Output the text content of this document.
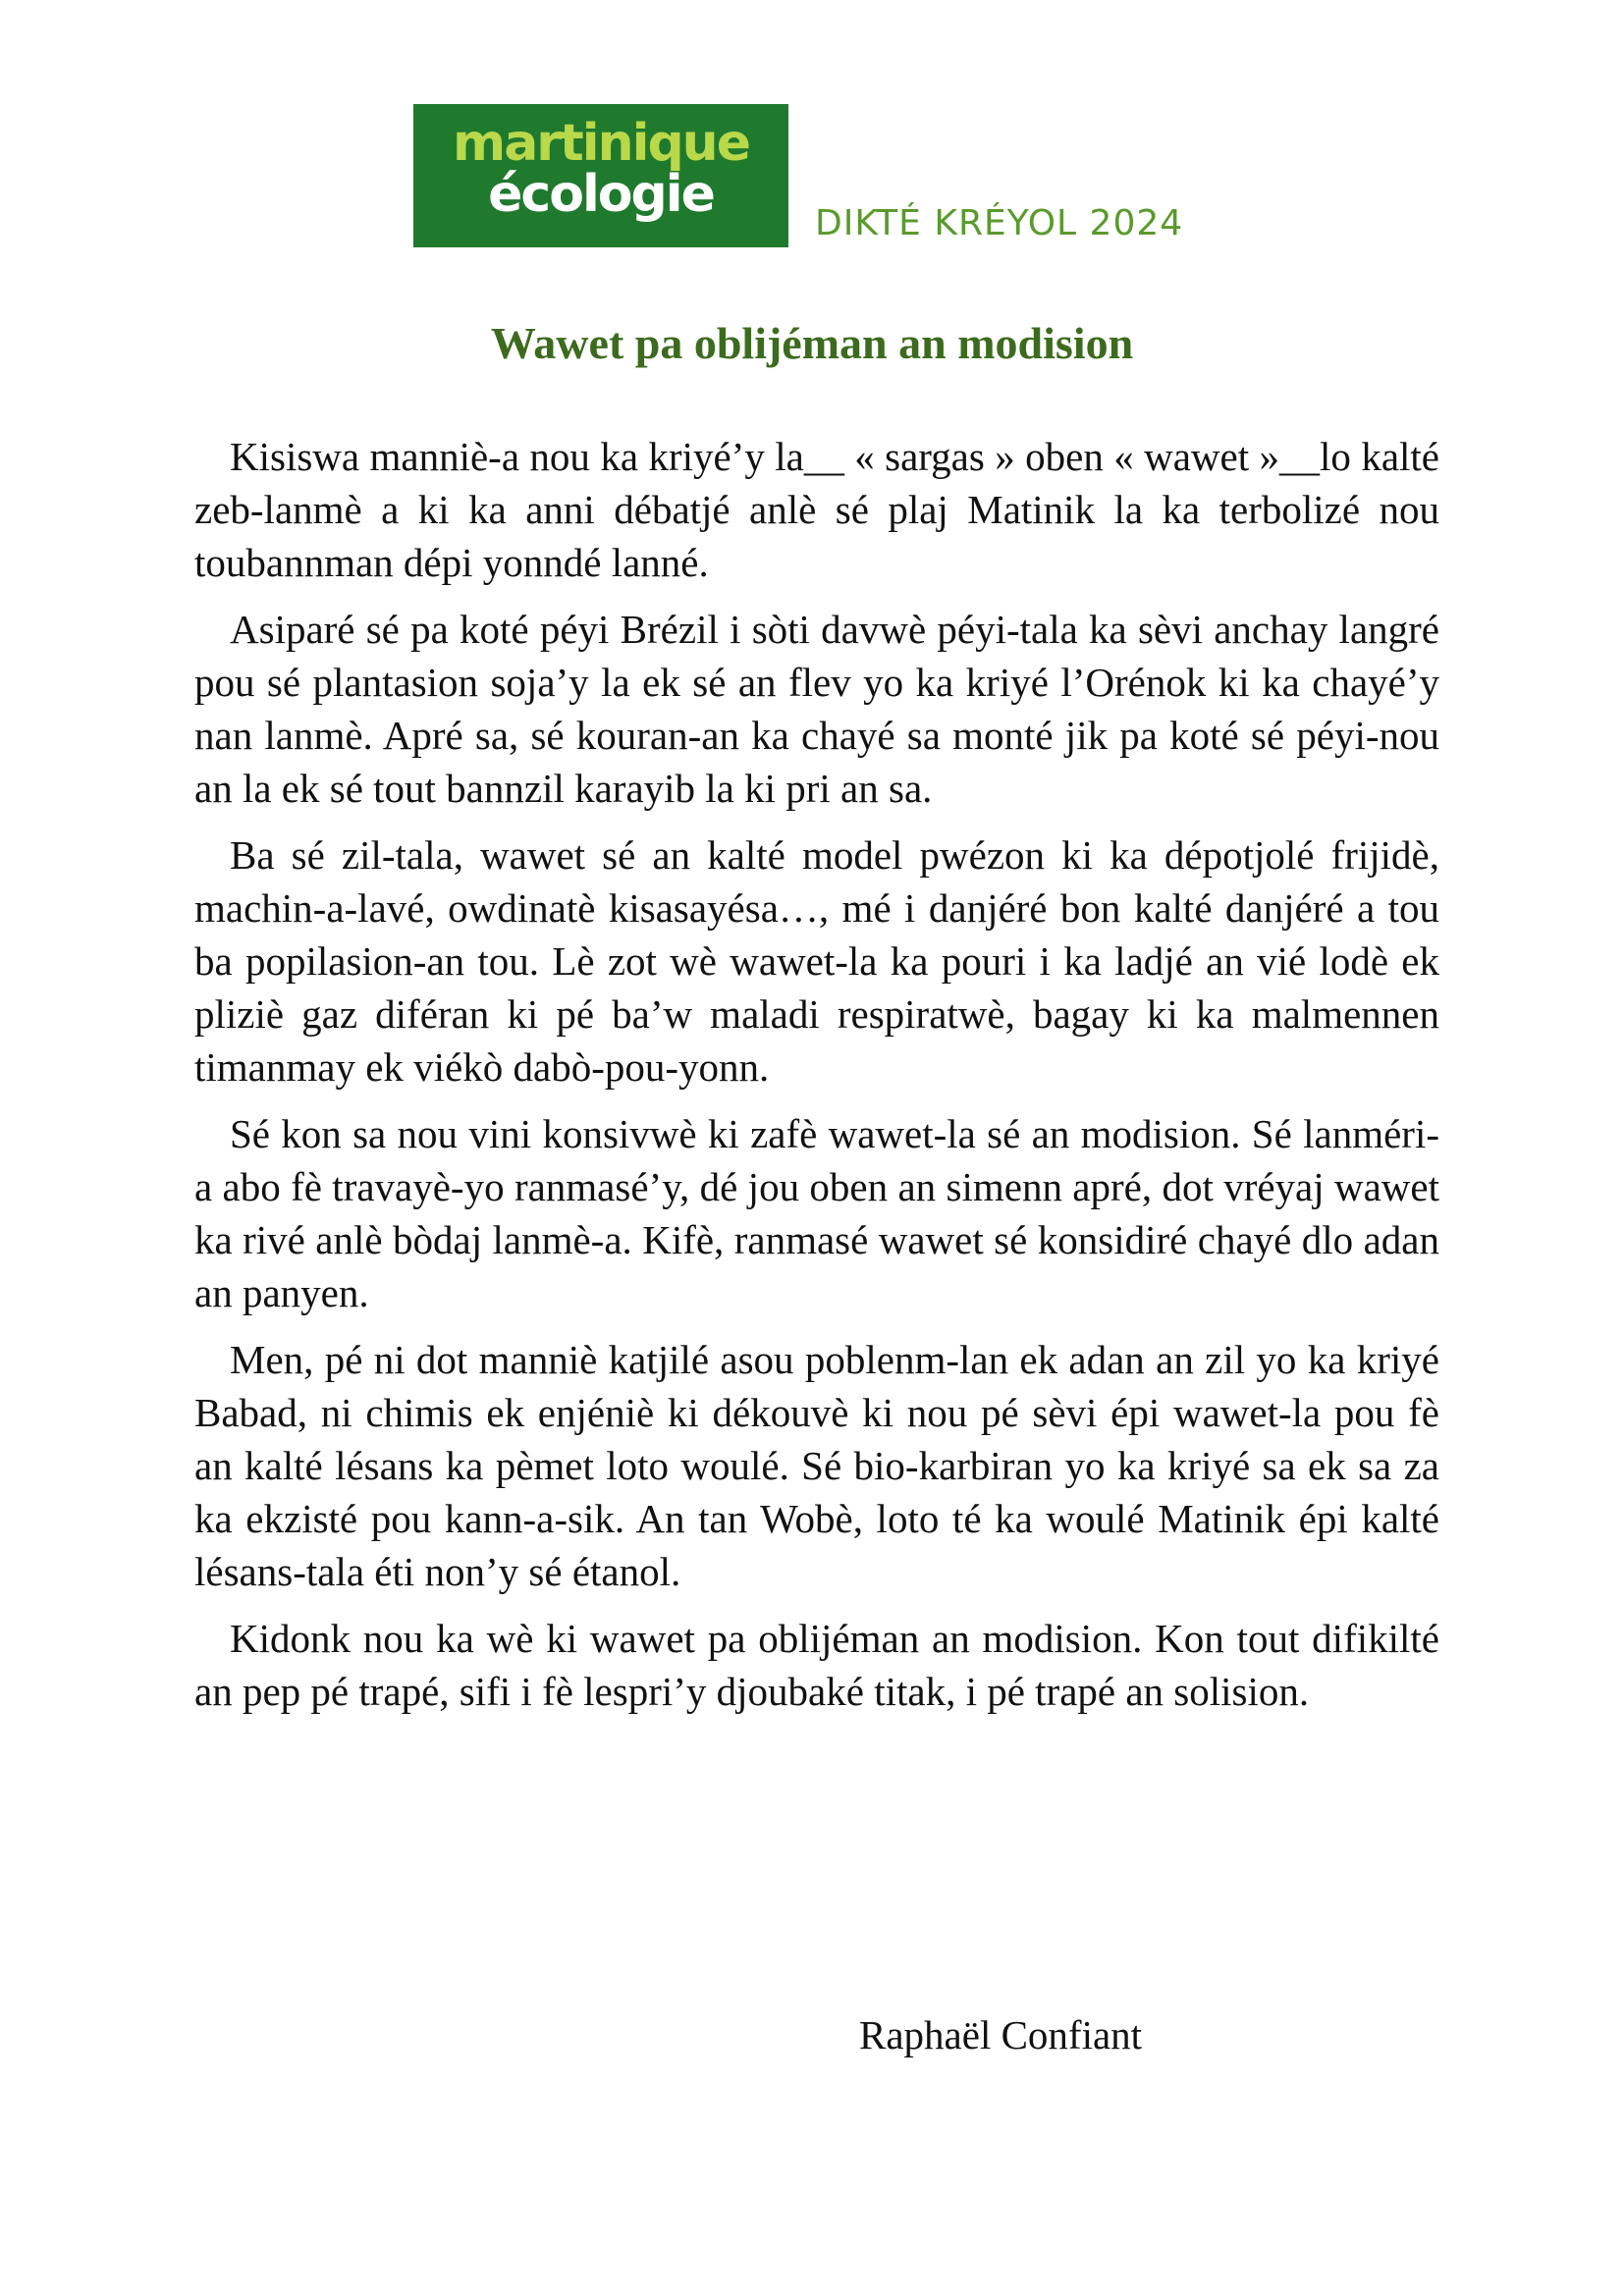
martinique
écologie	DIKTÉ KRÉYOL 2024
Wawet pa oblijéman an modision

Kisiswa manniè-a nou ka kriyé’y la__ « sargas » oben « wawet »__lo kalté zeb-lanmè a ki ka anni débatjé anlè sé plaj Matinik la ka terbolizé nou toubannman dépi yonndé lanné.

Asiparé sé pa koté péyi Brézil i sòti davwè péyi-tala ka sèvi anchay langré pou sé plantasion soja’y la ek sé an flev yo ka kriyé l’Orénok ki ka chayé’y nan lanmè. Apré sa, sé kouran-an ka chayé sa monté jik pa koté sé péyi-nou an la ek sé tout bannzil karayib la ki pri an sa.

Ba sé zil-tala, wawet sé an kalté model pwézon ki ka dépotjolé frijidè, machin-a-lavé, owdinatè kisasayésa…, mé i danjéré bon kalté danjéré a tou ba popilasion-an tou. Lè zot wè wawet-la ka pouri i ka ladjé an vié lodè ek pliziè gaz diféran ki pé ba’w maladi respiratwè, bagay ki ka malmennen timanmay ek viékò dabò-pou-yonn.

Sé kon sa nou vini konsivwè ki zafè wawet-la sé an modision. Sé lanméri-a abo fè travayè-yo ranmasé’y, dé jou oben an simenn apré, dot vréyaj wawet ka rivé anlè bòdaj lanmè-a. Kifè, ranmasé wawet sé konsidiré chayé dlo adan an panyen.

Men, pé ni dot manniè katjilé asou poblenm-lan ek adan an zil yo ka kriyé Babad, ni chimis ek enjéniè ki dékouvè ki nou pé sèvi épi wawet-la pou fè an kalté lésans ka pèmet loto woulé. Sé bio-karbiran yo ka kriyé sa ek sa za ka ekzisté pou kann-a-sik. An tan Wobè, loto té ka woulé Matinik épi kalté lésans-tala éti non’y sé étanol.

Kidonk nou ka wè ki wawet pa oblijéman an modision. Kon tout difikilté an pep pé trapé, sifi i fè lespri’y djoubaké titak, i pé trapé an solision.

Raphaël Confiant
